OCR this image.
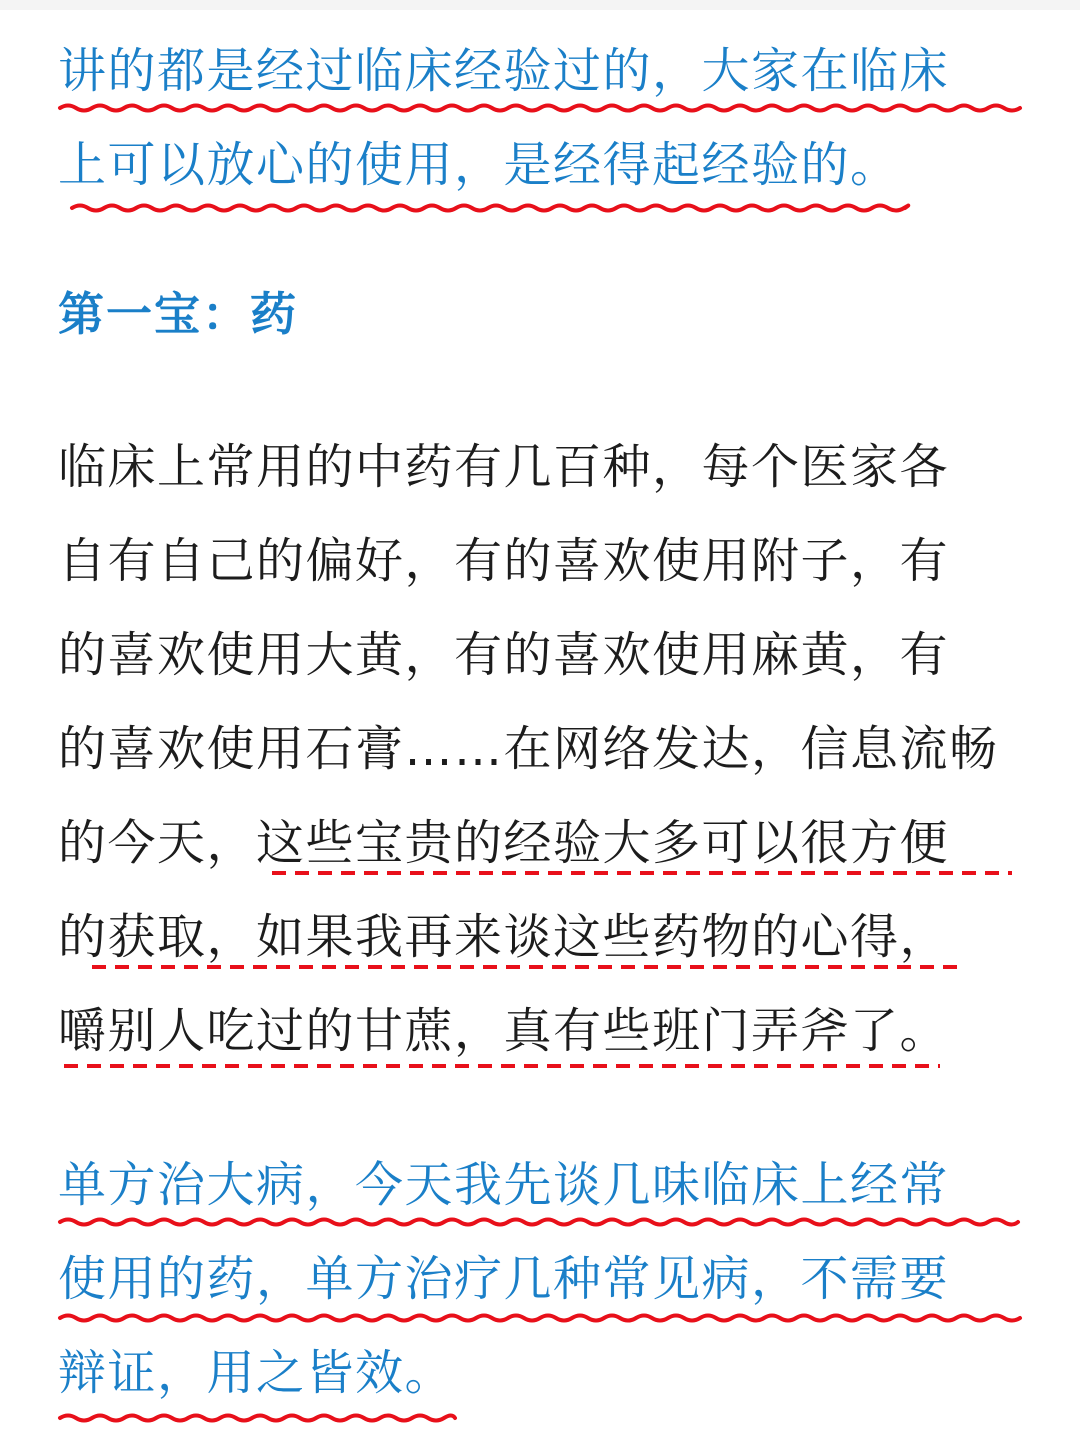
讲的都是经过临床经验过的，大家在临床
上可以放心的使用，是经得起经验的。

第一宝：药

临床上常用的中药有几百种，每个医家各
自有自己的偏好，有的喜欢使用附子，有
的喜欢使用大黄，有的喜欢使用麻黄，有
的喜欢使用石膏……在网络发达，信息流畅
的今天，这些宝贵的经验大多可以很方便
的获取，如果我再来谈这些药物的心得，
嚼别人吃过的甘蔗，真有些班门弄斧了。

单方治大病，今天我先谈几味临床上经常
使用的药，单方治疗几种常见病，不需要
辩证，用之皆效。
